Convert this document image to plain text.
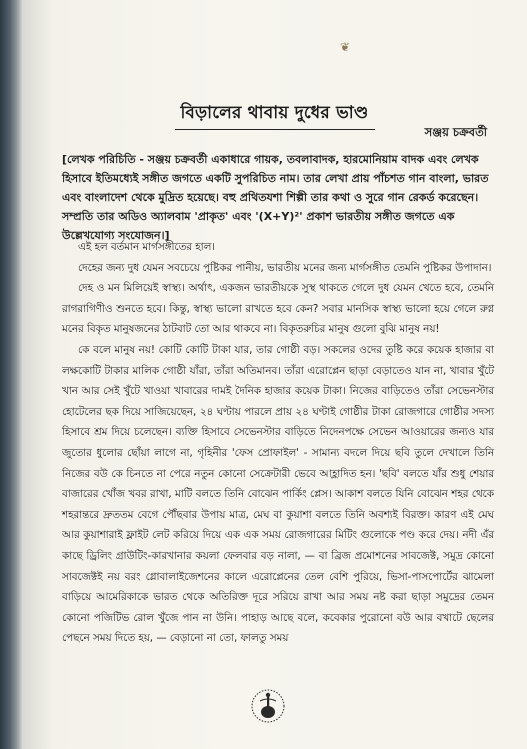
❦
বিড়ালের থাবায় দুধের ভাণ্ড
সঞ্জয় চক্রবর্তী
[লেখক পরিচিতি - সঞ্জয় চক্রবর্তী একাধারে গায়ক, তবলাবাদক, হারমোনিয়াম বাদক এবং লেখক হিসাবে ইতিমধ্যেই সঙ্গীত জগতে একটি সুপরিচিত নাম। তার লেখা প্রায় পাঁচশত গান বাংলা, ভারত এবং বাংলাদেশ থেকে মুদ্রিত হয়েছে। বহু প্রথিতযশা শিল্পী তার কথা ও সুরে গান রেকর্ড করেছেন। সম্প্রতি তার অডিও অ্যালবাম 'প্রাকৃত' এবং '(X+Y)²' প্রকাশ ভারতীয় সঙ্গীত জগতে এক উল্লেখযোগ্য সংযোজন।]

এই হল বর্তমান মার্গসঙ্গীতের হাল।

দেহের জন্য দুধ যেমন সবচেয়ে পুষ্টিকর পানীয়, ভারতীয় মনের জন্য মার্গসঙ্গীত তেমনি পুষ্টিকর উপাদান।

দেহ ও মন মিলিয়েই স্বাস্থ্য। অর্থাৎ, একজন ভারতীয়কে সুস্থ থাকতে গেলে দুধ যেমন খেতে হবে, তেমনি রাগরাগিণীও শুনতে হবে। কিন্তু, স্বাস্থ্য ভালো রাখতে হবে কেন? সবার মানসিক স্বাস্থ্য ভালো হয়ে গেলে রুগ্ন মনের বিকৃত মানুষজনের ঠাটবাট তো আর থাকবে না। বিকৃতরুচির মানুষ গুলো বুঝি মানুষ নয়!

কে বলে মানুষ নয়! কোটি কোটি টাকা যার, তার গোষ্ঠী বড়। সকলের ওদের তুষ্টি করে কয়েক হাজার বা লক্ষকোটি টাকার মালিক গোষ্ঠী যাঁরা, তাঁরা অতিমানব। তাঁরা এরোপ্লেন ছাড়া বেড়াতেও যান না, খাবার খুঁটে খান আর সেই খুঁটে খাওয়া খাবারের দামই দৈনিক হাজার কয়েক টাকা। নিজের বাড়িতেও তাঁরা সেভেনস্টার হোটেলের ছক দিয়ে সাজিয়েছেন, ২৪ ঘণ্টায় পারলে প্রায় ২৪ ঘণ্টাই গোষ্ঠীর টাকা রোজগারে গোষ্ঠীর সদস্য হিসাবে শ্রম দিয়ে চলেছেন। ব্যক্তি হিসাবে সেভেনস্টার বাড়িতে নিদেনপক্ষে সেভেন আওয়ারের জন্যও যার জুতোর ধুলোর ছোঁয়া লাগে না, গৃহিনীর 'ফেস প্রোফাইল' - সামান্য বদলে দিয়ে ছবি তুলে দেখালে তিনি নিজের বউ কে চিনতে না পেরে নতুন কোনো সেক্রেটারী ভেবে আহ্লাদিত হন। 'ছবি' বলতে যাঁর শুধু শেয়ার বাজারের খোঁজ খবর রাখা, মাটি বলতে তিনি বোঝেন পার্কিং প্লেস। আকাশ বলতে যিনি বোঝেন শহর থেকে শহরান্তরে দ্রুততম বেগে পৌঁছবার উপায় মাত্র, মেঘ বা কুয়াশা বলতে তিনি অবশ্যই বিরক্ত। কারণ এই মেঘ আর কুয়াশারাই ফ্লাইট লেট করিয়ে দিয়ে এক এক সময় রোজগারের মিটিং গুলোকে পণ্ড করে দেয়। নদী এঁর কাছে ড্রিলিং গ্রাউটিং-কারখানার কয়লা ফেলবার বড় নালা, — বা ব্রিজ প্রমোশনের সাবজেক্ট, সমুদ্র কোনো সাবজেক্টই নয় বরং গ্লোবালাইজেশনের কালে এরোপ্লেনের তেল বেশি পুরিয়ে, ভিসা-পাসপোর্টের ঝামেলা বাড়িয়ে আমেরিকাকে ভারত থেকে অতিরিক্ত দূরে সরিয়ে রাখা আর সময় নষ্ট করা ছাড়া সমুদ্রের তেমন কোনো পজিটিভ রোল খুঁজে পান না উনি। পাহাড় আছে বলে, কবেকার পুরোনো বউ আর বখাটে ছেলের পেছনে সময় দিতে হয়, — বেড়ানো না তো, ফালতু সময়
